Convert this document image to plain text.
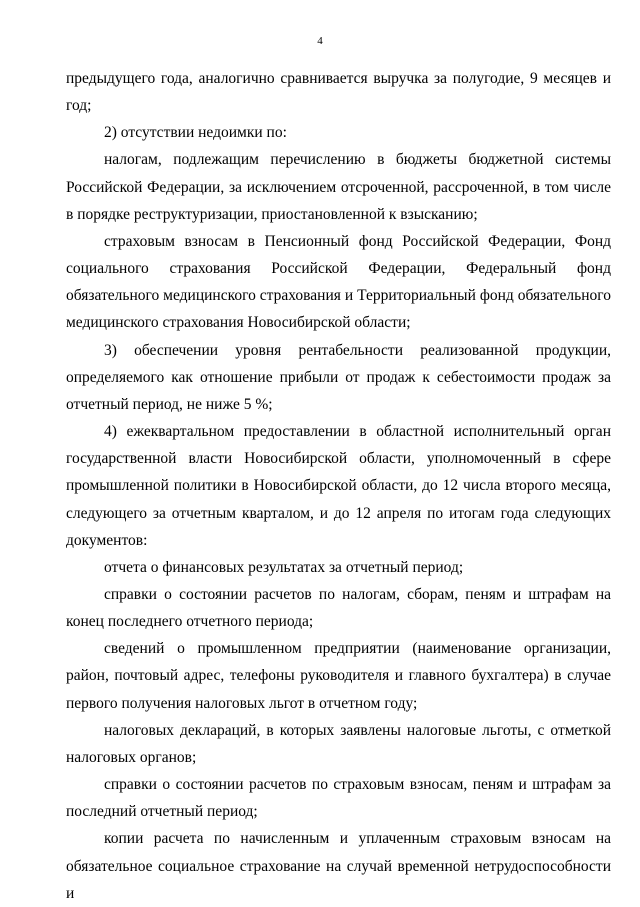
4

предыдущего года, аналогично сравнивается выручка за полугодие, 9 месяцев и год;

2) отсутствии недоимки по:

налогам, подлежащим перечислению в бюджеты бюджетной системы Российской Федерации, за исключением отсроченной, рассроченной, в том числе в порядке реструктуризации, приостановленной к взысканию;

страховым взносам в Пенсионный фонд Российской Федерации, Фонд социального страхования Российской Федерации, Федеральный фонд обязательного медицинского страхования и Территориальный фонд обязательного медицинского страхования Новосибирской области;

3) обеспечении уровня рентабельности реализованной продукции, определяемого как отношение прибыли от продаж к себестоимости продаж за отчетный период, не ниже 5 %;

4) ежеквартальном предоставлении в областной исполнительный орган государственной власти Новосибирской области, уполномоченный в сфере промышленной политики в Новосибирской области, до 12 числа второго месяца, следующего за отчетным кварталом, и до 12 апреля по итогам года следующих документов:

отчета о финансовых результатах за отчетный период;

справки о состоянии расчетов по налогам, сборам, пеням и штрафам на конец последнего отчетного периода;

сведений о промышленном предприятии (наименование организации, район, почтовый адрес, телефоны руководителя и главного бухгалтера) в случае первого получения налоговых льгот в отчетном году;

налоговых деклараций, в которых заявлены налоговые льготы, с отметкой налоговых органов;

справки о состоянии расчетов по страховым взносам, пеням и штрафам за последний отчетный период;

копии расчета по начисленным и уплаченным страховым взносам на обязательное социальное страхование на случай временной нетрудоспособности и
